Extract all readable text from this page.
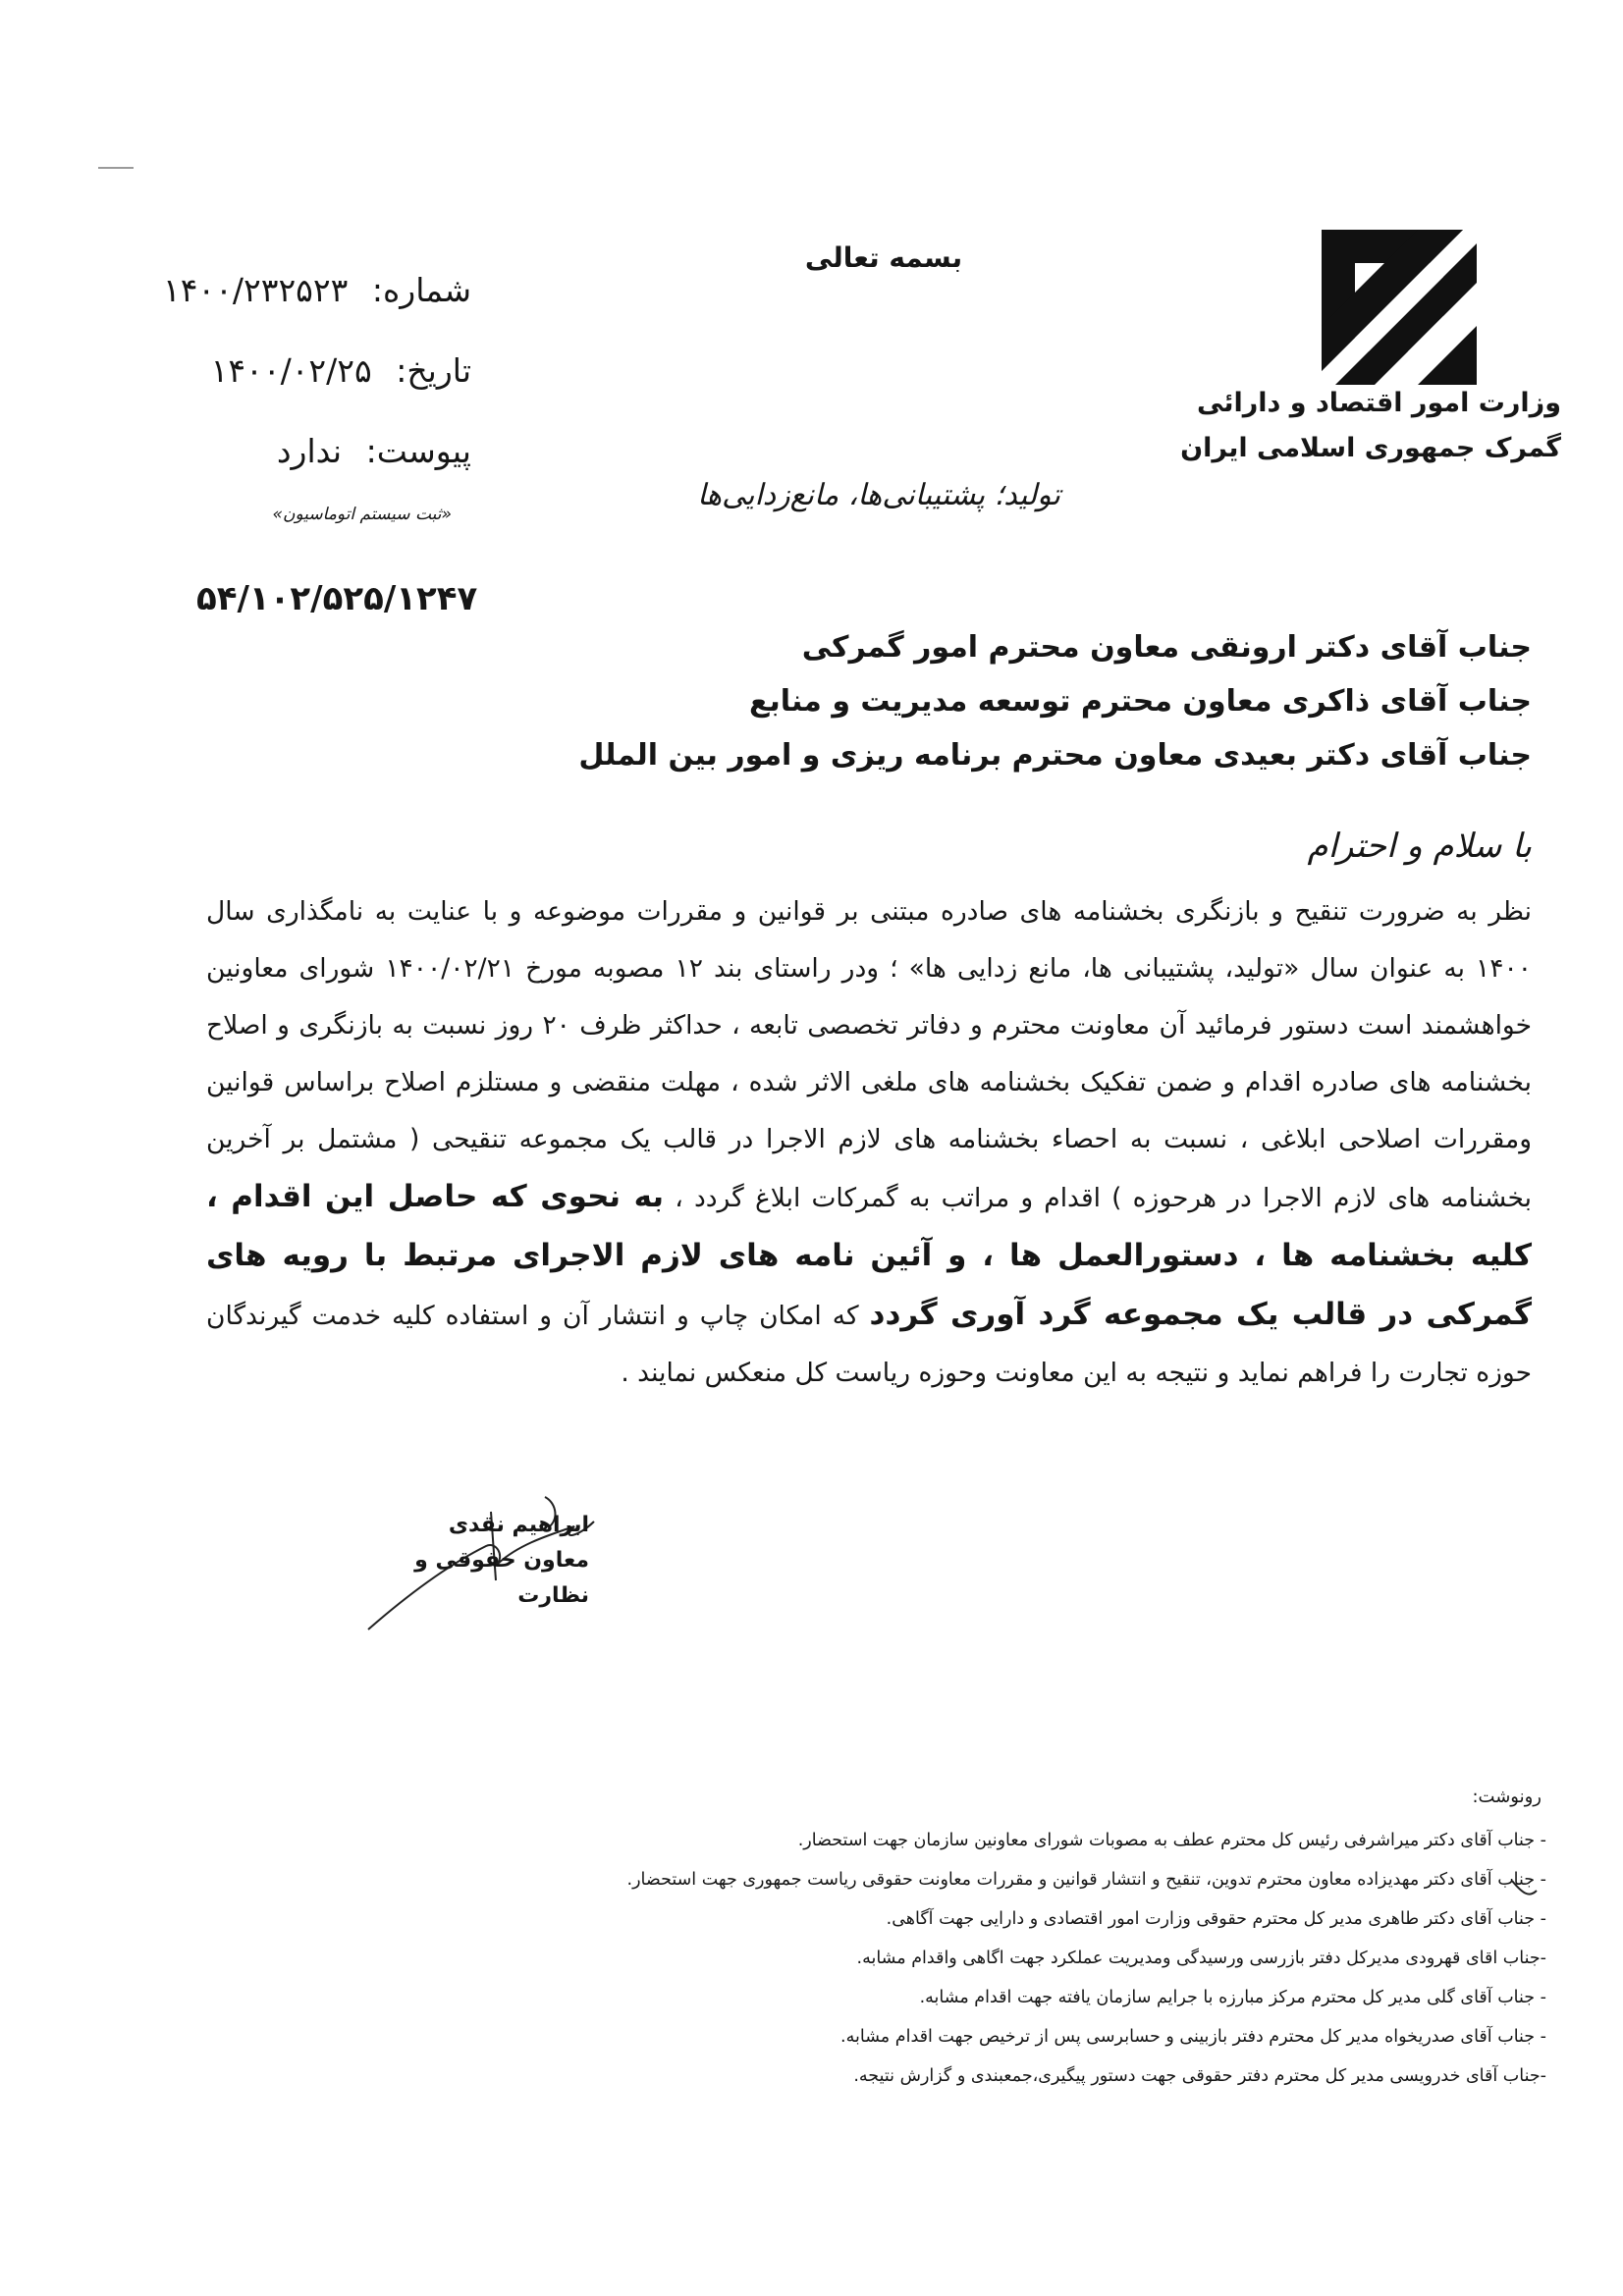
بسمه تعالی
وزارت امور اقتصاد و دارائی
گمرک جمهوری اسلامی ایران
شماره: ۱۴۰۰/۲۳۲۵۲۳
تاریخ: ۱۴۰۰/۰۲/۲۵
پیوست: ندارد
«ثبت سیستم اتوماسیون»
۵۴/۱۰۲/۵۲۵/۱۲۴۷
تولید؛ پشتیبانی‌ها، مانع‌زدایی‌ها
جناب آقای دکتر ارونقی معاون محترم امور گمرکی
جناب آقای ذاکری معاون محترم توسعه مدیریت و منابع
جناب آقای دکتر بعیدی معاون محترم برنامه ریزی و امور بین الملل
با سلام و احترام
نظر به ضرورت تنقیح و بازنگری بخشنامه های صادره مبتنی بر قوانین و مقررات موضوعه و با عنایت به نامگذاری سال ۱۴۰۰ به عنوان سال «تولید، پشتیبانی ها، مانع زدایی ها» ؛ ودر راستای بند ۱۲ مصوبه مورخ ۱۴۰۰/۰۲/۲۱ شورای معاونین خواهشمند است دستور فرمائید آن معاونت محترم و دفاتر تخصصی تابعه ، حداکثر ظرف ۲۰ روز نسبت به بازنگری و اصلاح بخشنامه های صادره اقدام و ضمن تفکیک بخشنامه های ملغی الاثر شده ، مهلت منقضی و مستلزم اصلاح براساس قوانین ومقررات اصلاحی ابلاغی ، نسبت به احصاء بخشنامه های لازم الاجرا در قالب یک مجموعه تنقیحی ( مشتمل بر آخرین بخشنامه های لازم الاجرا در هرحوزه ) اقدام و مراتب به گمرکات ابلاغ گردد ، به نحوی که حاصل این اقدام ، کلیه بخشنامه ها ، دستورالعمل ها ، و آئین نامه های لازم الاجرای مرتبط با رویه های گمرکی در قالب یک مجموعه گرد آوری گردد که امکان چاپ و انتشار آن و استفاده کلیه خدمت گیرندگان حوزه تجارت را فراهم نماید و نتیجه به این معاونت وحوزه ریاست کل منعکس نمایند .
ابراهیم نقدی
معاون حقوقی و نظارت
رونوشت:
- جناب آقای دکتر میراشرفی رئیس کل محترم عطف به مصوبات شورای معاونین سازمان جهت استحضار.
- جناب آقای دکتر مهدیزاده معاون محترم تدوین، تنقیح و انتشار قوانین و مقررات معاونت حقوقی ریاست جمهوری جهت استحضار.
- جناب آقای دکتر طاهری مدیر کل محترم حقوقی وزارت امور اقتصادی و دارایی جهت آگاهی.
-جناب اقای قهرودی مدیرکل دفتر بازرسی ورسیدگی ومدیریت عملکرد جهت اگاهی واقدام مشابه.
- جناب آقای گلی مدیر کل محترم مرکز مبارزه با جرایم سازمان یافته جهت اقدام مشابه.
- جناب آقای صدریخواه مدیر کل محترم دفتر بازبینی و حسابرسی پس از ترخیص جهت اقدام مشابه.
-جناب آقای خدرویسی مدیر کل محترم دفتر حقوقی جهت دستور پیگیری،جمعبندی و گزارش نتیجه.
